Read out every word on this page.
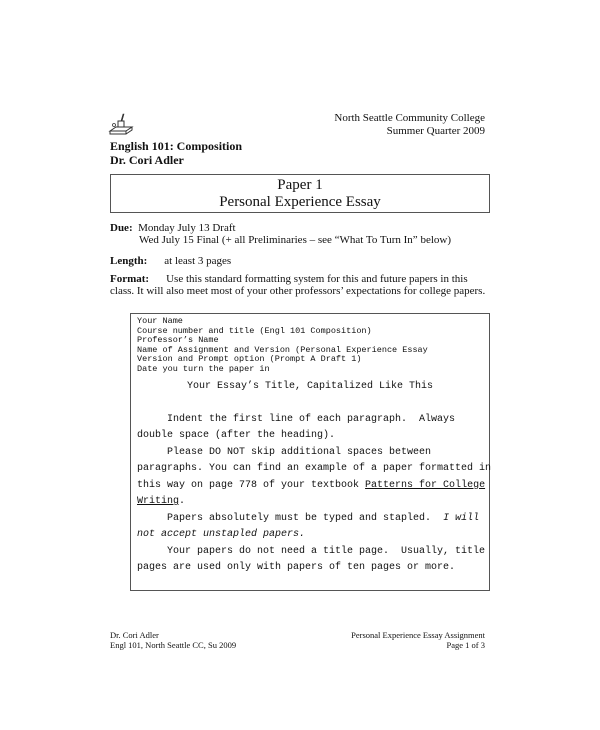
North Seattle Community College
Summer Quarter 2009
English 101: Composition
Dr. Cori Adler
Paper 1
Personal Experience Essay
Due: Monday July 13 Draft
Wed July 15 Final (+ all Preliminaries – see “What To Turn In” below)
Length: at least 3 pages
Format: Use this standard formatting system for this and future papers in this class. It will also meet most of your other professors’ expectations for college papers.
Your Name
Course number and title (Engl 101 Composition)
Professor’s Name
Name of Assignment and Version (Personal Experience Essay
Version and Prompt option (Prompt A Draft 1)
Date you turn the paper in
Your Essay’s Title, Capitalized Like This
Indent the first line of each paragraph.  Always
double space (after the heading).
Please DO NOT skip additional spaces between
paragraphs. You can find an example of a paper formatted in
this way on page 778 of your textbook Patterns for College
Writing.
Papers absolutely must be typed and stapled.  I will
not accept unstapled papers.
Your papers do not need a title page.  Usually, title
pages are used only with papers of ten pages or more.
Dr. Cori Adler
Engl 101, North Seattle CC, Su 2009
Personal Experience Essay Assignment
Page 1 of 3
